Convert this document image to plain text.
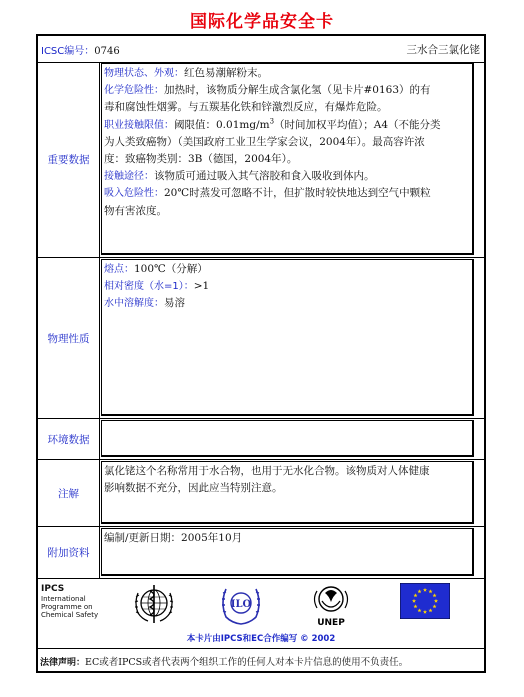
国际化学品安全卡
ICSC编号：0746	三水合三氯化铑
重要数据
物理状态、外观：红色易潮解粉末。
化学危险性：加热时，该物质分解生成含氯化氢（见卡片#0163）的有
毒和腐蚀性烟雾。与五羰基化铁和锌激烈反应，有爆炸危险。
职业接触限值：阈限值：$0.01mg/m^3$（时间加权平均值）；A4（不能分类
为人类致癌物）（美国政府工业卫生学家会议，2004年）。最高容许浓
度：致癌物类别：3B（德国，2004年）。
接触途径：该物质可通过吸入其气溶胶和食入吸收到体内。
吸入危险性：20℃时蒸发可忽略不计，但扩散时较快地达到空气中颗粒
物有害浓度。
物理性质
熔点：100℃（分解）
相对密度（水=1）：>1
水中溶解度：易溶
环境数据
注解
氯化铑这个名称常用于水合物，也用于无水化合物。该物质对人体健康
影响数据不充分，因此应当特别注意。
附加资料
编制/更新日期：2005年10月
IPCS
International
Programme on
Chemical Safety
ILO
UNEP
本卡片由IPCS和EC合作编写 © 2002
法律声明：EC或者IPCS或者代表两个组织工作的任何人对本卡片信息的使用不负责任。
